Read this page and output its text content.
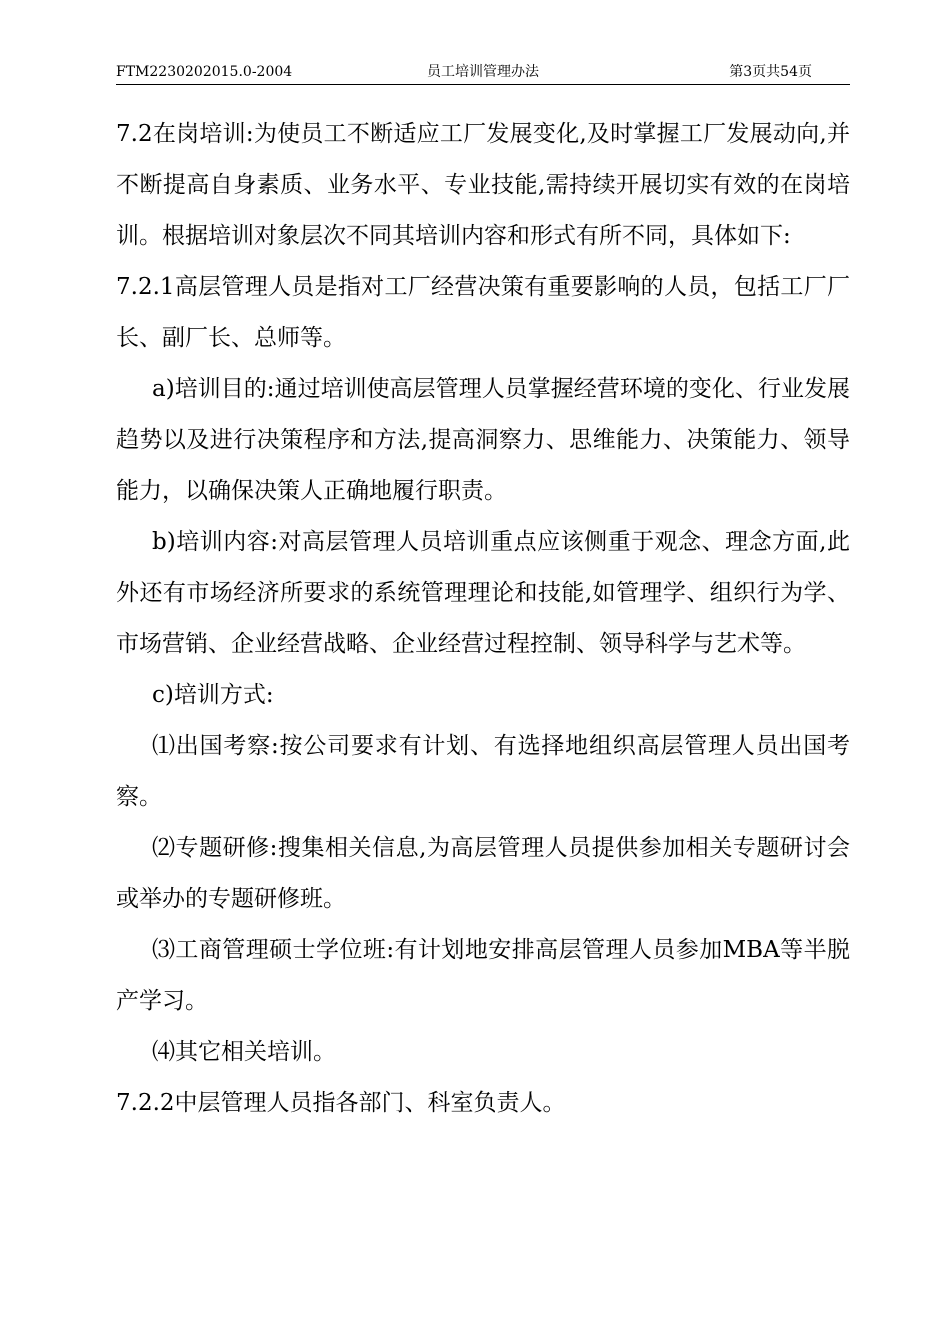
FTM2230202015.0-2004	员工培训管理办法	第3页共54页

7.2在岗培训:为使员工不断适应工厂发展变化,及时掌握工厂发展动向,并不断提高自身素质、业务水平、专业技能,需持续开展切实有效的在岗培训。根据培训对象层次不同其培训内容和形式有所不同，具体如下:

7.2.1高层管理人员是指对工厂经营决策有重要影响的人员，包括工厂厂长、副厂长、总师等。

a)培训目的:通过培训使高层管理人员掌握经营环境的变化、行业发展趋势以及进行决策程序和方法,提高洞察力、思维能力、决策能力、领导能力，以确保决策人正确地履行职责。

b)培训内容:对高层管理人员培训重点应该侧重于观念、理念方面,此外还有市场经济所要求的系统管理理论和技能,如管理学、组织行为学、市场营销、企业经营战略、企业经营过程控制、领导科学与艺术等。

c)培训方式:

⑴出国考察:按公司要求有计划、有选择地组织高层管理人员出国考察。

⑵专题研修:搜集相关信息,为高层管理人员提供参加相关专题研讨会或举办的专题研修班。

⑶工商管理硕士学位班:有计划地安排高层管理人员参加MBA等半脱产学习。

⑷其它相关培训。

7.2.2中层管理人员指各部门、科室负责人。
